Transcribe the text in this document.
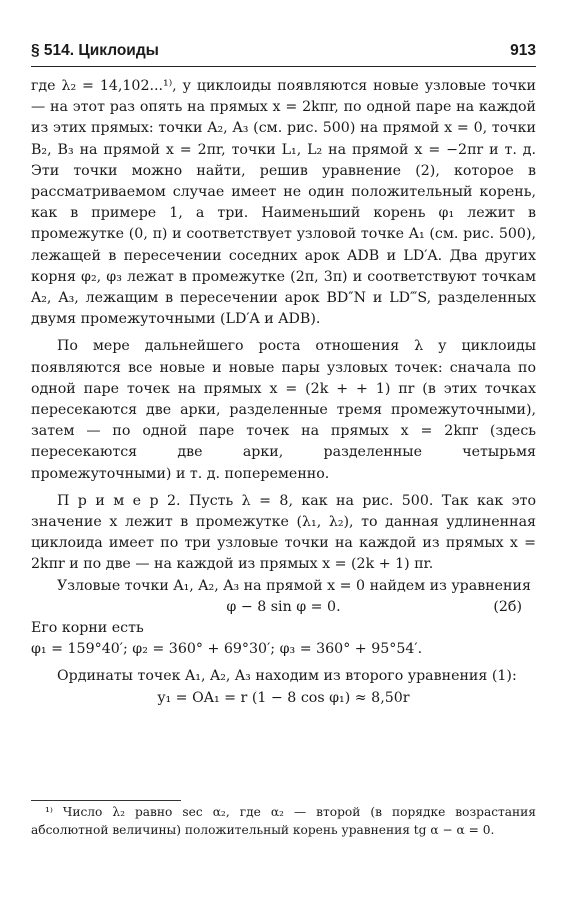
§ 514. Циклоиды	913

где λ₂ = 14,102...¹⁾, у циклоиды появляются новые узловые точки — на этот раз опять на прямых x = 2kπr, по одной паре на каждой из этих прямых: точки A₂, A₃ (см. рис. 500) на прямой x = 0, точки B₂, B₃ на прямой x = 2πr, точки L₁, L₂ на прямой x = −2πr и т. д. Эти точки можно найти, решив уравнение (2), которое в рассматриваемом случае имеет не один положительный корень, как в примере 1, а три. Наименьший корень φ₁ лежит в промежутке (0, π) и соответствует узловой точке A₁ (см. рис. 500), лежащей в пересечении соседних арок ADB и LD′A. Два других корня φ₂, φ₃ лежат в промежутке (2π, 3π) и соответствуют точкам A₂, A₃, лежащим в пересечении арок BD″N и LD‴S, разделенных двумя промежуточными (LD′A и ADB).

По мере дальнейшего роста отношения λ у циклоиды появляются все новые и новые пары узловых точек: сначала по одной паре точек на прямых x = (2k + + 1) πr (в этих точках пересекаются две арки, разделенные тремя промежуточными), затем — по одной паре точек на прямых x = 2kπr (здесь пересекаются две арки, разделенные четырьмя промежуточными) и т. д. попеременно.

П р и м е р 2. Пусть λ = 8, как на рис. 500. Так как это значение x лежит в промежутке (λ₁, λ₂), то данная удлиненная циклоида имеет по три узловые точки на каждой из прямых x = 2kπr и по две — на каждой из прямых x = (2k + 1) πr.

Узловые точки A₁, A₂, A₃ на прямой x = 0 найдем из уравнения

φ − 8 sin φ = 0.	(2б)

Его корни есть

φ₁ = 159°40′; φ₂ = 360° + 69°30′; φ₃ = 360° + 95°54′.

Ординаты точек A₁, A₂, A₃ находим из второго уравнения (1):

y₁ = OA₁ = r (1 − 8 cos φ₁) ≈ 8,50r
¹⁾ Число λ₂ равно sec α₂, где α₂ — второй (в порядке возрастания абсолютной величины) положительный корень уравнения tg α − α = 0.
